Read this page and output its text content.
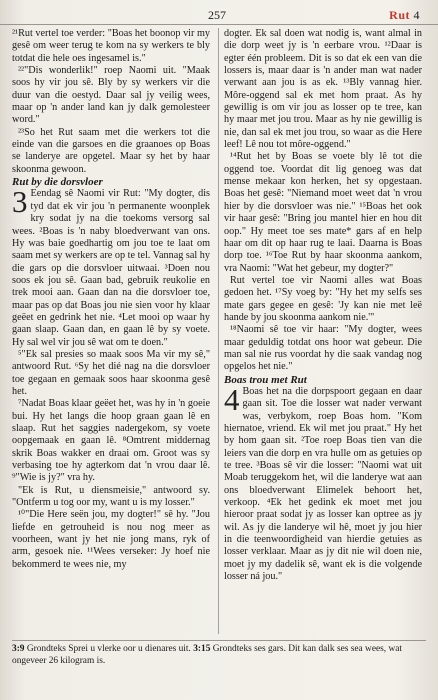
257	Rut 4

²¹Rut vertel toe verder: "Boas het boonop vir my gesê om weer terug te kom na sy werkers te bly totdat die hele oes ingesamel is."

²²"Dis wonderlik!" roep Naomi uit. "Maak soos hy vir jou sê. Bly by sy werkers vir die duur van die oestyd. Daar sal jy veilig wees, maar op 'n ander land kan jy dalk gemolesteer word."

²³So het Rut saam met die werkers tot die einde van die garsoes en die graanoes op Boas se landerye are opgetel. Maar sy het by haar skoonma gewoon.

Rut by die dorsvloer

3 Eendag sê Naomi vir Rut: "My dogter, dis tyd dat ek vir jou 'n permanente woonplek kry sodat jy na die toekoms versorg sal wees. ²Boas is 'n naby bloedverwant van ons. Hy was baie goedhartig om jou toe te laat om saam met sy werkers are op te tel. Vannag sal hy die gars op die dorsvloer uitwaai. ³Doen nou soos ek jou sê. Gaan bad, gebruik reukolie en trek mooi aan. Gaan dan na die dorsvloer toe, maar pas op dat Boas jou nie sien voor hy klaar geëet en gedrink het nie. ⁴Let mooi op waar hy gaan slaap. Gaan dan, en gaan lê by sy voete. Hy sal wel vir jou sê wat om te doen."

⁵"Ek sal presies so maak soos Ma vir my sê," antwoord Rut. ⁶Sy het dié nag na die dorsvloer toe gegaan en gemaak soos haar skoonma gesê het.

⁷Nadat Boas klaar geëet het, was hy in 'n goeie bui. Hy het langs die hoop graan gaan lê en slaap. Rut het saggies nadergekom, sy voete oopgemaak en gaan lê. ⁸Omtrent middernag skrik Boas wakker en draai om. Groot was sy verbasing toe hy agterkom dat 'n vrou daar lê. ⁹"Wie is jy?" vra hy.

"Ek is Rut, u diensmeisie," antwoord sy. "Ontferm u tog oor my, want u is my losser."

¹⁰"Die Here seën jou, my dogter!" sê hy. "Jou liefde en getrouheid is nou nog meer as voorheen, want jy het nie jong mans, ryk of arm, gesoek nie. ¹¹Wees verseker: Jy hoef nie bekommerd te wees nie, my

dogter. Ek sal doen wat nodig is, want almal in die dorp weet jy is 'n eerbare vrou. ¹²Daar is egter één probleem. Dit is so dat ek een van die lossers is, maar daar is 'n ander man wat nader verwant aan jou is as ek. ¹³Bly vannag hier. Môre-oggend sal ek met hom praat. As hy gewillig is om vir jou as losser op te tree, kan hy maar met jou trou. Maar as hy nie gewillig is nie, dan sal ek met jou trou, so waar as die Here leef! Lê nou tot môre-oggend."

¹⁴Rut het by Boas se voete bly lê tot die oggend toe. Voordat dit lig genoeg was dat mense mekaar kon herken, het sy opgestaan. Boas het gesê: "Niemand moet weet dat 'n vrou hier by die dorsvloer was nie." ¹⁵Boas het ook vir haar gesê: "Bring jou mantel hier en hou dit oop." Hy meet toe ses mate* gars af en help haar om dit op haar rug te laai. Daarna is Boas dorp toe. ¹⁶Toe Rut by haar skoonma aankom, vra Naomi: "Wat het gebeur, my dogter?"

Rut vertel toe vir Naomi alles wat Boas gedoen het. ¹⁷Sy voeg by: "Hy het my selfs ses mate gars gegee en gesê: 'Jy kan nie met leë hande by jou skoonma aankom nie.'"

¹⁸Naomi sê toe vir haar: "My dogter, wees maar geduldig totdat ons hoor wat gebeur. Die man sal nie rus voordat hy die saak vandag nog opgelos het nie."

Boas trou met Rut

4 Boas het na die dorpspoort gegaan en daar gaan sit. Toe die losser wat nader verwant was, verbykom, roep Boas hom. "Kom hiernatoe, vriend. Ek wil met jou praat." Hy het by hom gaan sit. ²Toe roep Boas tien van die leiers van die dorp en vra hulle om as getuies op te tree. ³Boas sê vir die losser: "Naomi wat uit Moab teruggekom het, wil die landerye wat aan ons bloedverwant Elimelek behoort het, verkoop. ⁴Ek het gedink ek moet met jou hieroor praat sodat jy as losser kan optree as jy wil. As jy die landerye wil hê, moet jy jou hier in die teenwoordigheid van hierdie getuies as losser verklaar. Maar as jy dit nie wil doen nie, moet jy my dadelik sê, want ek is die volgende losser ná jou."

3:9 Grondteks Sprei u vlerke oor u dienares uit. 3:15 Grondteks ses gars. Dit kan dalk ses sea wees, wat ongeveer 26 kilogram is.
